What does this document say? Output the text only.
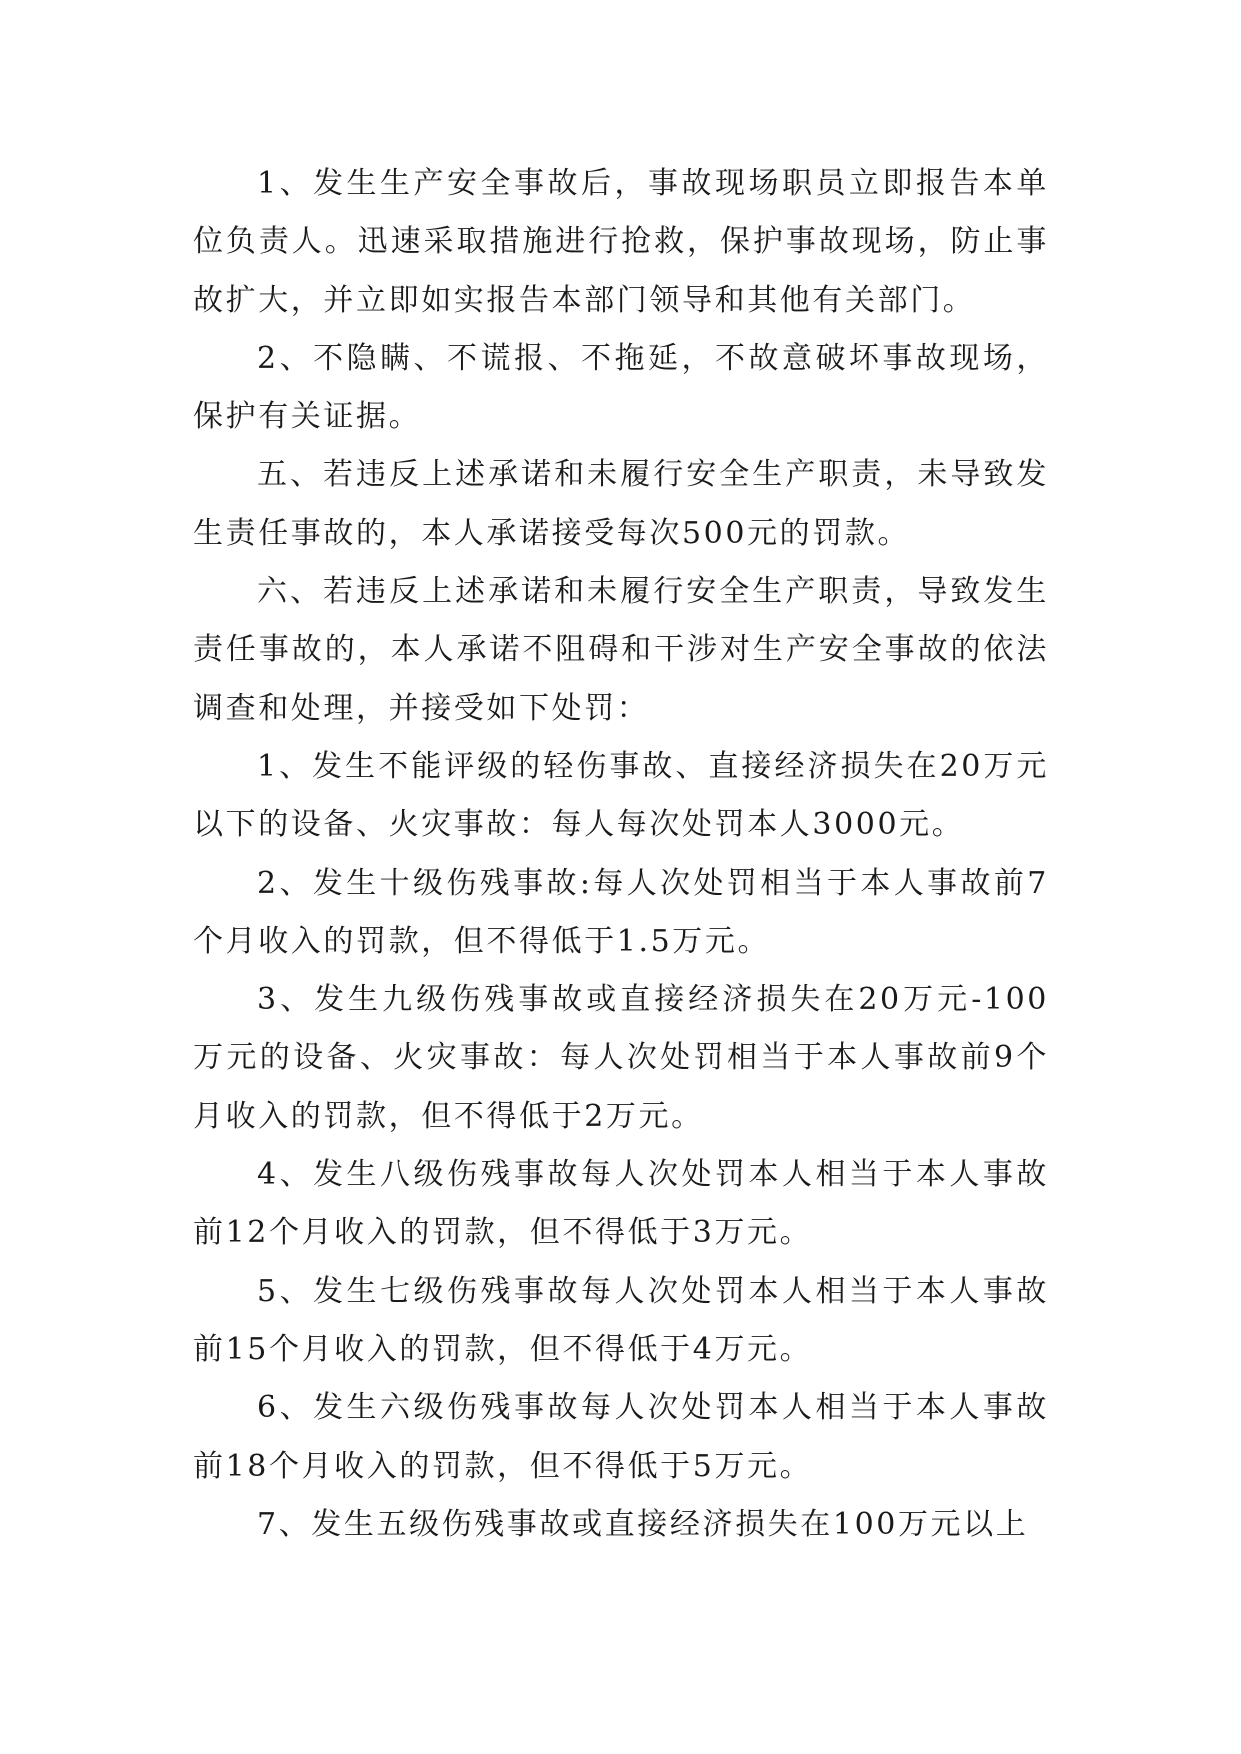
1、发生生产安全事故后，事故现场职员立即报告本单位负责人。迅速采取措施进行抢救，保护事故现场，防止事故扩大，并立即如实报告本部门领导和其他有关部门。

2、不隐瞒、不谎报、不拖延，不故意破坏事故现场，保护有关证据。

五、若违反上述承诺和未履行安全生产职责，未导致发生责任事故的，本人承诺接受每次500元的罚款。

六、若违反上述承诺和未履行安全生产职责，导致发生责任事故的，本人承诺不阻碍和干涉对生产安全事故的依法调查和处理，并接受如下处罚：

1、发生不能评级的轻伤事故、直接经济损失在20万元以下的设备、火灾事故：每人每次处罚本人3000元。

2、发生十级伤残事故:每人次处罚相当于本人事故前7个月收入的罚款，但不得低于1.5万元。

3、发生九级伤残事故或直接经济损失在20万元-100万元的设备、火灾事故：每人次处罚相当于本人事故前9个月收入的罚款，但不得低于2万元。

4、发生八级伤残事故每人次处罚本人相当于本人事故前12个月收入的罚款，但不得低于3万元。

5、发生七级伤残事故每人次处罚本人相当于本人事故前15个月收入的罚款，但不得低于4万元。

6、发生六级伤残事故每人次处罚本人相当于本人事故前18个月收入的罚款，但不得低于5万元。

7、发生五级伤残事故或直接经济损失在100万元以上
